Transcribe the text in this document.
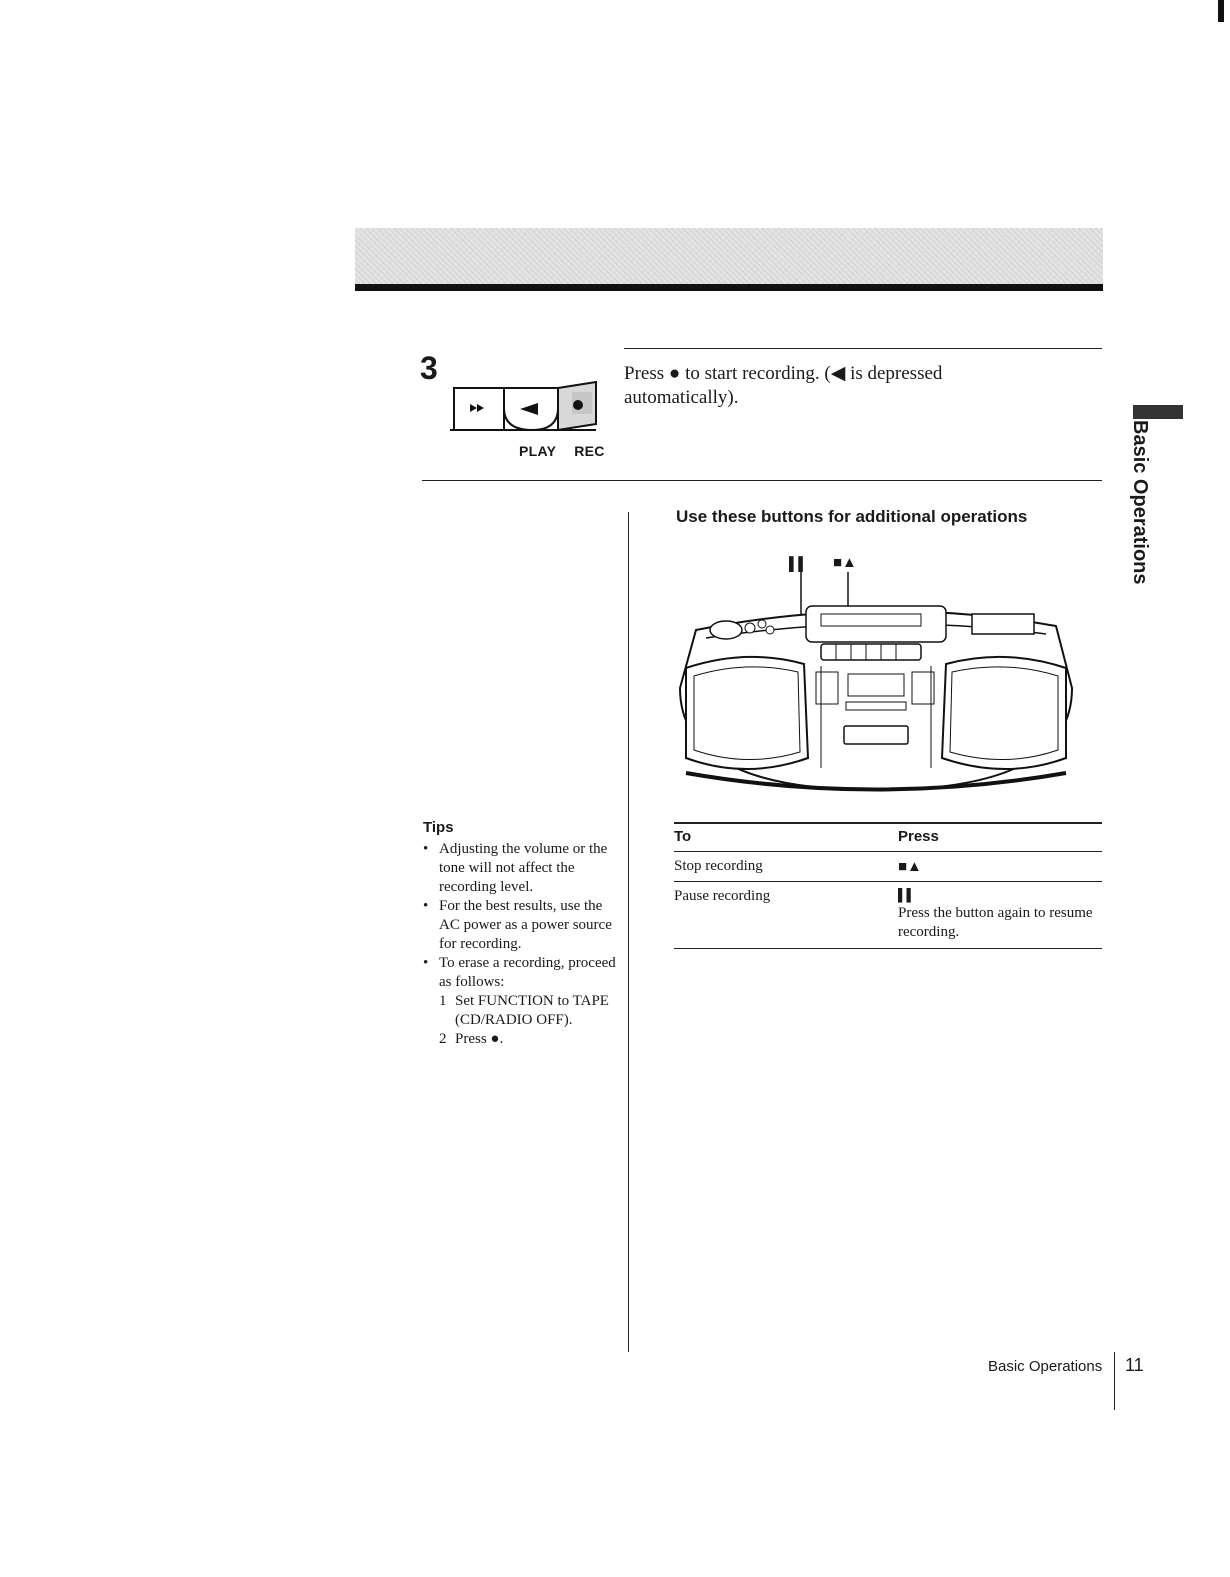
Basic Operations
3
PLAY REC
Press ● to start recording. (◀ is depressed automatically).
Use these buttons for additional operations
▌▌ ■▲
To	Press
Stop recording	■▲

Pause recording	▌▌
Press the button again to resume recording.
Tips
• Adjusting the volume or the tone will not affect the recording level.
• For the best results, use the AC power as a power source for recording.
• To erase a recording, proceed as follows:
1 Set FUNCTION to TAPE (CD/RADIO OFF).
2 Press ●.
Basic Operations 11
